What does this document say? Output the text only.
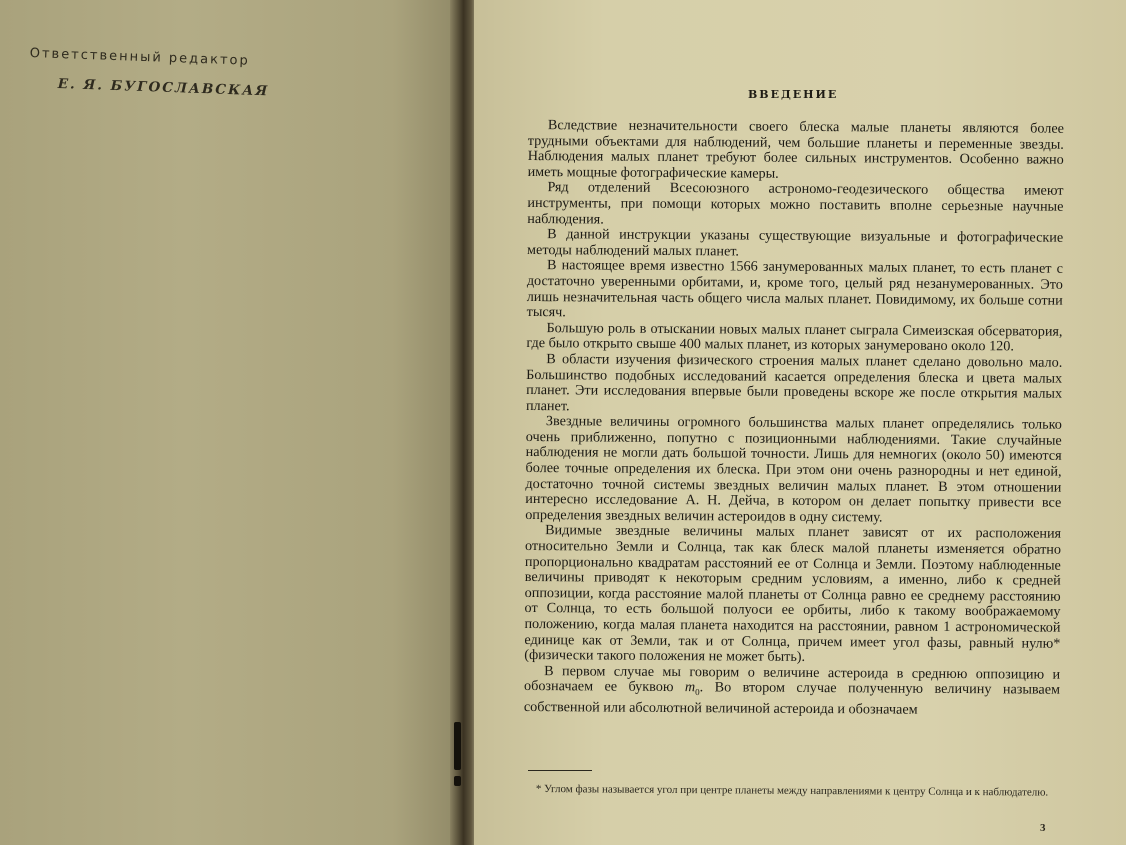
Ответственный редактор
Е. Я. БУГОСЛАВСКАЯ	ВВЕДЕНИЕ

Вследствие незначительности своего блеска малые планеты являются более трудными объектами для наблюдений, чем большие планеты и переменные звезды. Наблюдения малых планет требуют более сильных инструментов. Особенно важно иметь мощные фотографические камеры.

Ряд отделений Всесоюзного астрономо-геодезического общества имеют инструменты, при помощи которых можно поставить вполне серьезные научные наблюдения.

В данной инструкции указаны существующие визуальные и фотографические методы наблюдений малых планет.

В настоящее время известно 1566 занумерованных малых планет, то есть планет с достаточно уверенными орбитами, и, кроме того, целый ряд незанумерованных. Это лишь незначительная часть общего числа малых планет. Повидимому, их больше сотни тысяч.

Большую роль в отыскании новых малых планет сыграла Симеизская обсерватория, где было открыто свыше 400 малых планет, из которых занумеровано около 120.

В области изучения физического строения малых планет сделано довольно мало. Большинство подобных исследований касается определения блеска и цвета малых планет. Эти исследования впервые были проведены вскоре же после открытия малых планет.

Звездные величины огромного большинства малых планет определялись только очень приближенно, попутно с позиционными наблюдениями. Такие случайные наблюдения не могли дать большой точности. Лишь для немногих (около 50) имеются более точные определения их блеска. При этом они очень разнородны и нет единой, достаточно точной системы звездных величин малых планет. В этом отношении интересно исследование А. Н. Дейча, в котором он делает попытку привести все определения звездных величин астероидов в одну систему.

Видимые звездные величины малых планет зависят от их расположения относительно Земли и Солнца, так как блеск малой планеты изменяется обратно пропорционально квадратам расстояний ее от Солнца и Земли. Поэтому наблюденные величины приводят к некоторым средним условиям, а именно, либо к средней оппозиции, когда расстояние малой планеты от Солнца равно ее среднему расстоянию от Солнца, то есть большой полуоси ее орбиты, либо к такому воображаемому положению, когда малая планета находится на расстоянии, равном 1 астрономической единице как от Земли, так и от Солнца, причем имеет угол фазы, равный нулю* (физически такого положения не может быть).

В первом случае мы говорим о величине астероида в среднюю оппозицию и обозначаем ее буквою $m_0$. Во втором случае полученную величину называем собственной или абсолютной величиной астероида и обозначаем

* Углом фазы называется угол при центре планеты между направлениями к центру Солнца и к наблюдателю.
3
